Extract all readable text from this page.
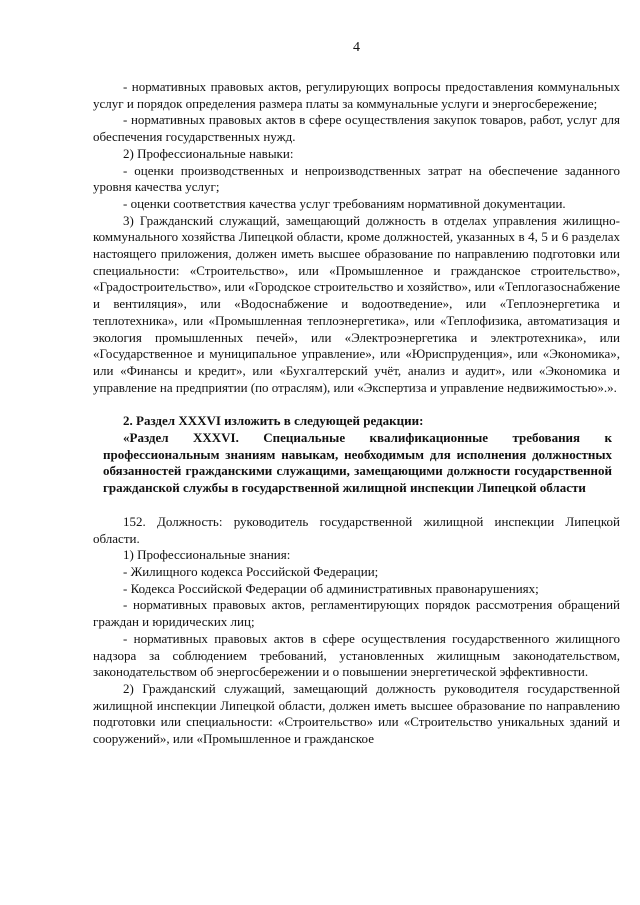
4

- нормативных правовых актов, регулирующих вопросы предоставления коммунальных услуг и порядок определения размера платы за коммунальные услуги и энергосбережение;

- нормативных правовых актов в сфере осуществления закупок товаров, работ, услуг для обеспечения государственных нужд.

2) Профессиональные навыки:

- оценки производственных и непроизводственных затрат на обеспечение заданного уровня качества услуг;

- оценки соответствия качества услуг требованиям нормативной документации.

3) Гражданский служащий, замещающий должность в отделах управления жилищно-коммунального хозяйства Липецкой области, кроме должностей, указанных в 4, 5 и 6 разделах настоящего приложения, должен иметь высшее образование по направлению подготовки или специальности: «Строительство», или «Промышленное и гражданское строительство», «Градостроительство», или «Городское строительство и хозяйство», или «Теплогазоснабжение и вентиляция», или «Водоснабжение и водоотведение», или «Теплоэнергетика и теплотехника», или «Промышленная теплоэнергетика», или «Теплофизика, автоматизация и экология промышленных печей», или «Электроэнергетика и электротехника», или «Государственное и муниципальное управление», или «Юриспруденция», или «Экономика», или «Финансы и кредит», или «Бухгалтерский учёт, анализ и аудит», или «Экономика и управление на предприятии (по отраслям), или «Экспертиза и управление недвижимостью».».

2. Раздел XXXVI изложить в следующей редакции:

«Раздел XXXVI. Специальные квалификационные требования к профессиональным знаниям навыкам, необходимым для исполнения должностных обязанностей гражданскими служащими, замещающими должности государственной гражданской службы в государственной жилищной инспекции Липецкой области

152. Должность: руководитель государственной жилищной инспекции Липецкой области.

1) Профессиональные знания:

- Жилищного кодекса Российской Федерации;

- Кодекса Российской Федерации об административных правонарушениях;

- нормативных правовых актов, регламентирующих порядок рассмотрения обращений граждан и юридических лиц;

- нормативных правовых актов в сфере осуществления государственного жилищного надзора за соблюдением требований, установленных жилищным законодательством, законодательством об энергосбережении и о повышении энергетической эффективности.

2) Гражданский служащий, замещающий должность руководителя государственной жилищной инспекции Липецкой области, должен иметь высшее образование по направлению подготовки или специальности: «Строительство» или «Строительство уникальных зданий и сооружений», или «Промышленное и гражданское
